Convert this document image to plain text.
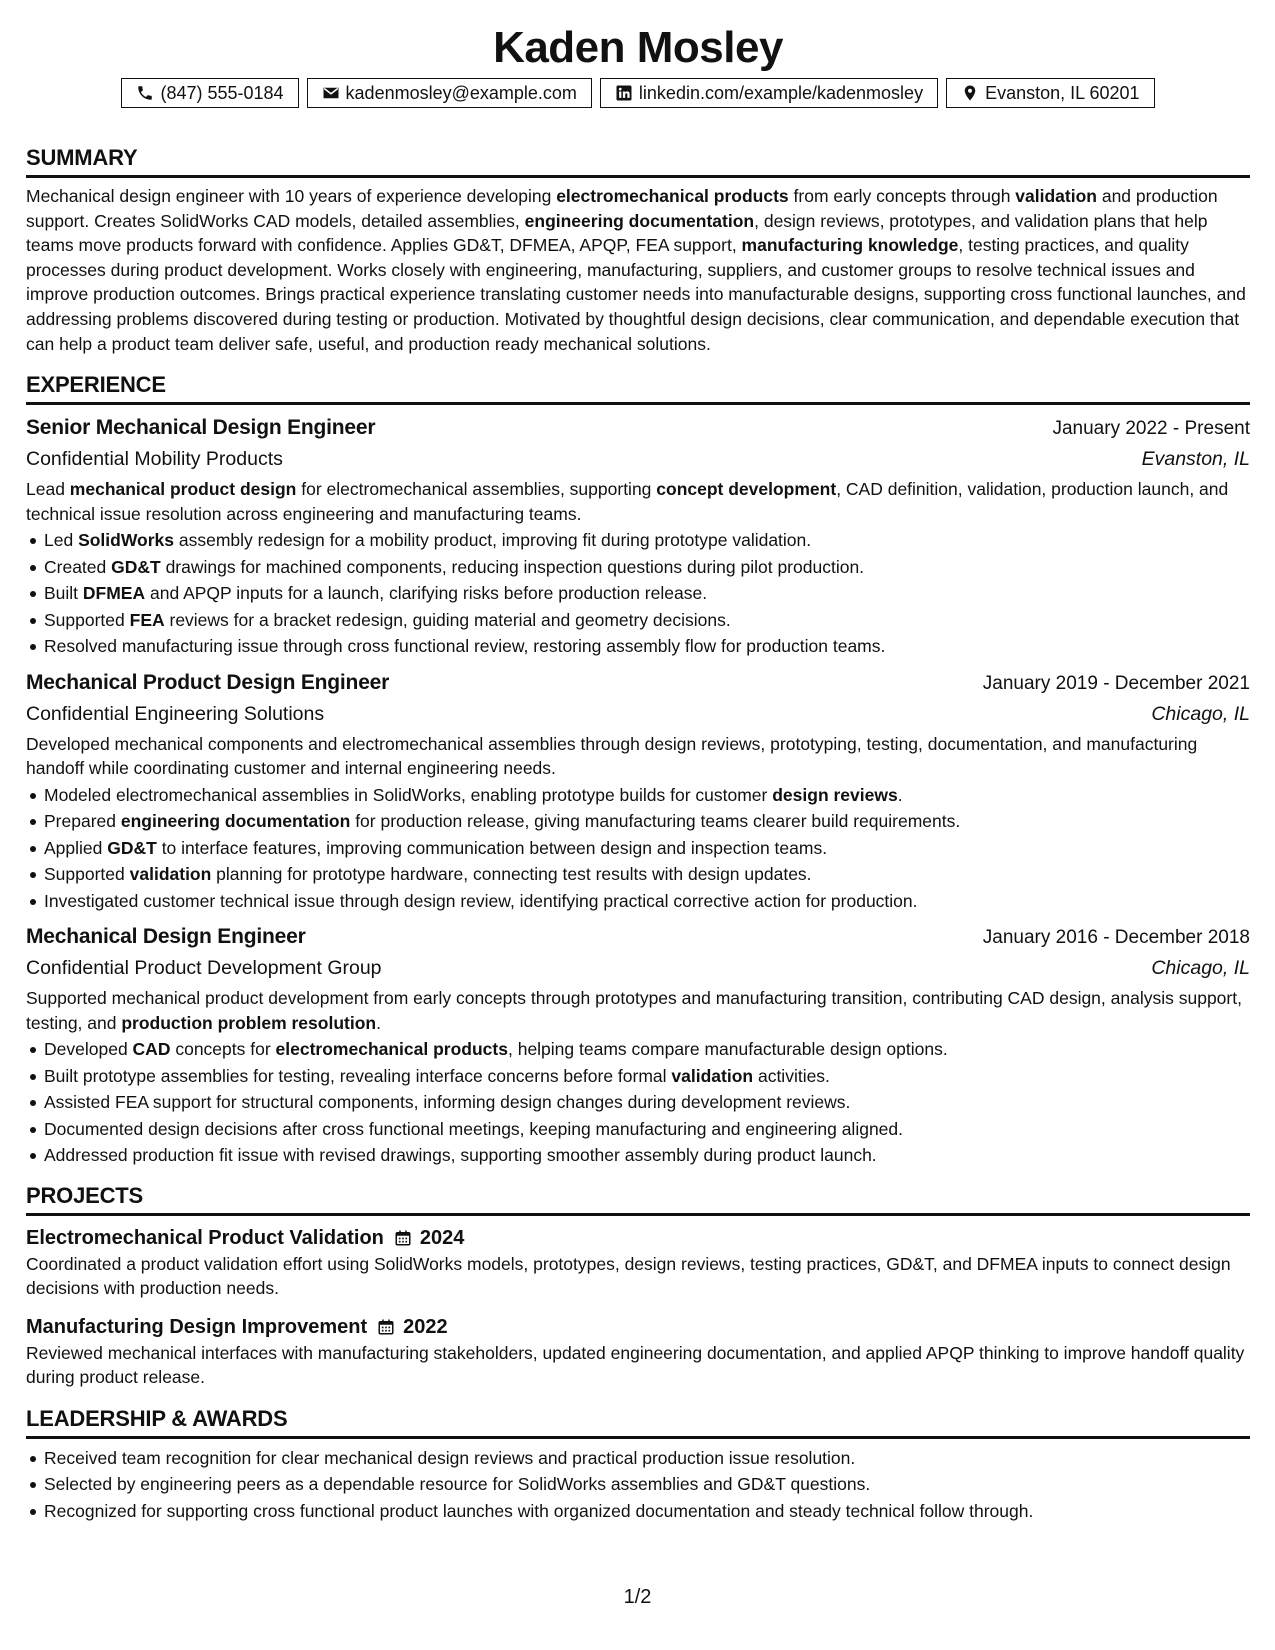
Kaden Mosley
(847) 555-0184	kadenmosley@example.com	linkedin.com/example/kadenmosley	Evanston, IL 60201
SUMMARY

Mechanical design engineer with 10 years of experience developing electromechanical products from early concepts through validation and production support. Creates SolidWorks CAD models, detailed assemblies, engineering documentation, design reviews, prototypes, and validation plans that help teams move products forward with confidence. Applies GD&T, DFMEA, APQP, FEA support, manufacturing knowledge, testing practices, and quality processes during product development. Works closely with engineering, manufacturing, suppliers, and customer groups to resolve technical issues and improve production outcomes. Brings practical experience translating customer needs into manufacturable designs, supporting cross functional launches, and addressing problems discovered during testing or production. Motivated by thoughtful design decisions, clear communication, and dependable execution that can help a product team deliver safe, useful, and production ready mechanical solutions.

EXPERIENCE
Senior Mechanical Design Engineer	January 2022 - Present
Confidential Mobility Products	Evanston, IL

Lead mechanical product design for electromechanical assemblies, supporting concept development, CAD definition, validation, production launch, and technical issue resolution across engineering and manufacturing teams.

Led SolidWorks assembly redesign for a mobility product, improving fit during prototype validation.
Created GD&T drawings for machined components, reducing inspection questions during pilot production.
Built DFMEA and APQP inputs for a launch, clarifying risks before production release.
Supported FEA reviews for a bracket redesign, guiding material and geometry decisions.
Resolved manufacturing issue through cross functional review, restoring assembly flow for production teams.
Mechanical Product Design Engineer	January 2019 - December 2021
Confidential Engineering Solutions	Chicago, IL

Developed mechanical components and electromechanical assemblies through design reviews, prototyping, testing, documentation, and manufacturing handoff while coordinating customer and internal engineering needs.

Modeled electromechanical assemblies in SolidWorks, enabling prototype builds for customer design reviews.
Prepared engineering documentation for production release, giving manufacturing teams clearer build requirements.
Applied GD&T to interface features, improving communication between design and inspection teams.
Supported validation planning for prototype hardware, connecting test results with design updates.
Investigated customer technical issue through design review, identifying practical corrective action for production.
Mechanical Design Engineer	January 2016 - December 2018
Confidential Product Development Group	Chicago, IL

Supported mechanical product development from early concepts through prototypes and manufacturing transition, contributing CAD design, analysis support, testing, and production problem resolution.

Developed CAD concepts for electromechanical products, helping teams compare manufacturable design options.
Built prototype assemblies for testing, revealing interface concerns before formal validation activities.
Assisted FEA support for structural components, informing design changes during development reviews.
Documented design decisions after cross functional meetings, keeping manufacturing and engineering aligned.
Addressed production fit issue with revised drawings, supporting smoother assembly during product launch.
PROJECTS
Electromechanical Product Validation 2024

Coordinated a product validation effort using SolidWorks models, prototypes, design reviews, testing practices, GD&T, and DFMEA inputs to connect design decisions with production needs.

Manufacturing Design Improvement 2022

Reviewed mechanical interfaces with manufacturing stakeholders, updated engineering documentation, and applied APQP thinking to improve handoff quality during product release.

LEADERSHIP & AWARDS
Received team recognition for clear mechanical design reviews and practical production issue resolution.
Selected by engineering peers as a dependable resource for SolidWorks assemblies and GD&T questions.
Recognized for supporting cross functional product launches with organized documentation and steady technical follow through.
1/2
